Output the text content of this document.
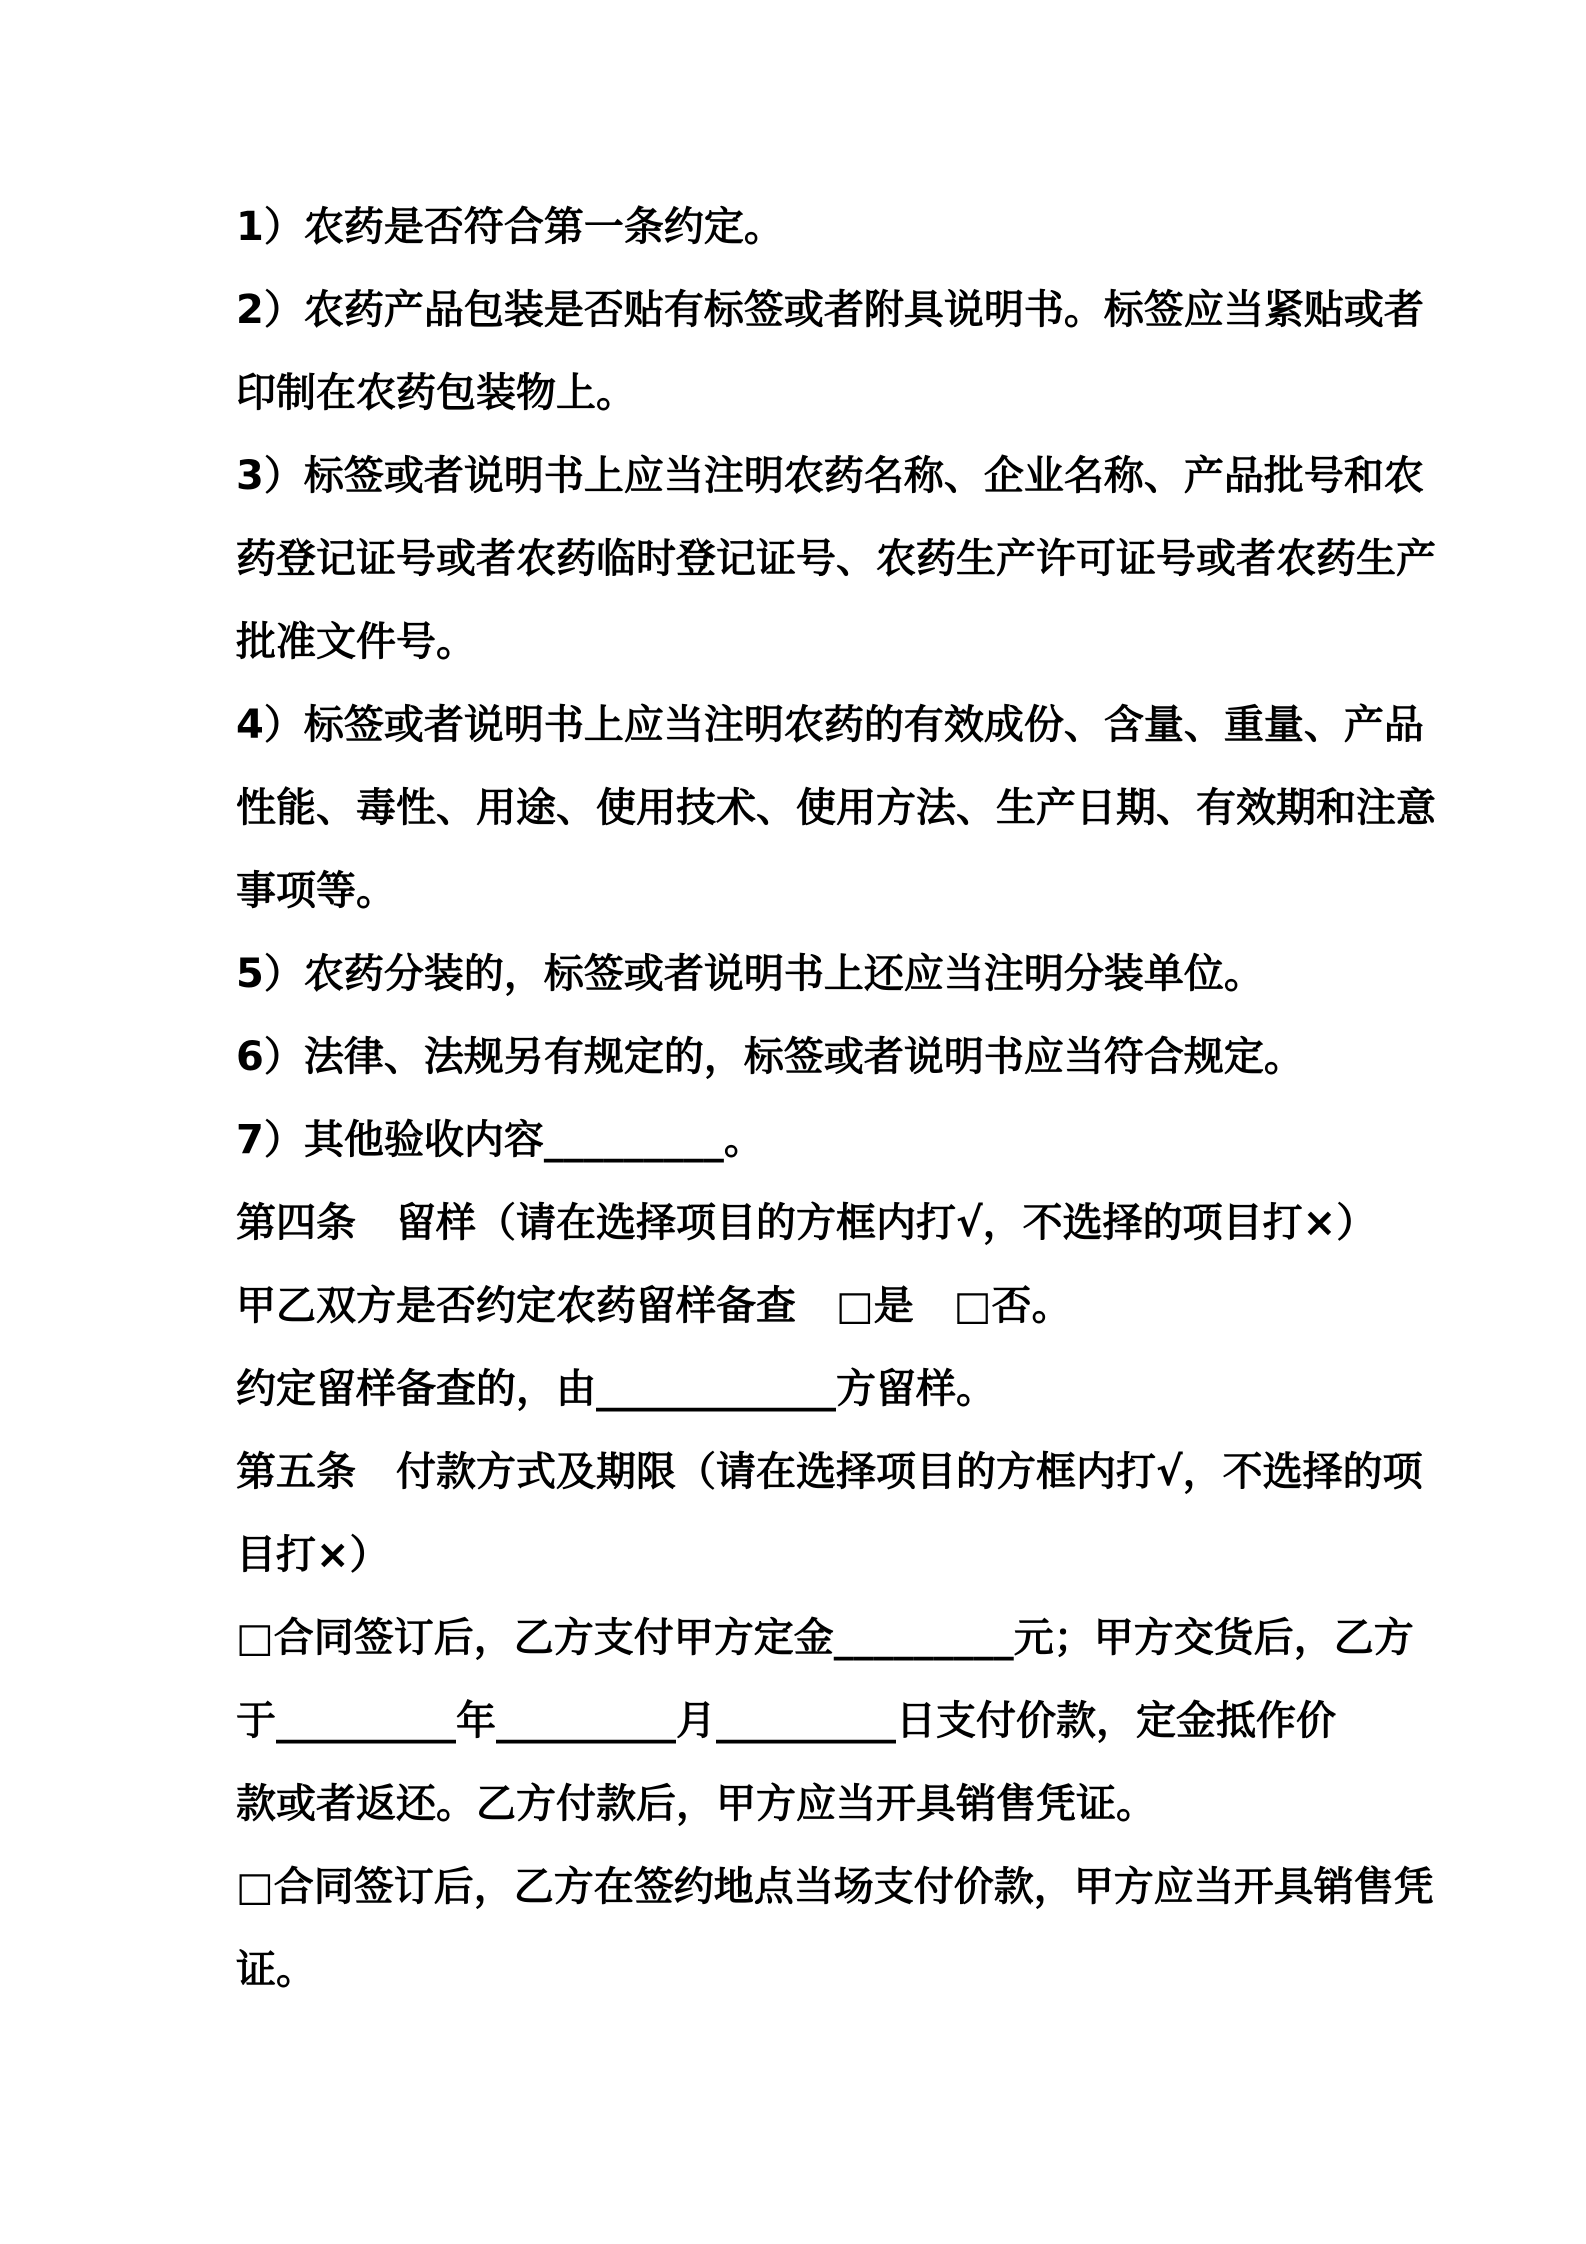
1）农药是否符合第一条约定。
2）农药产品包装是否贴有标签或者附具说明书。标签应当紧贴或者
印制在农药包装物上。
3）标签或者说明书上应当注明农药名称、企业名称、产品批号和农
药登记证号或者农药临时登记证号、农药生产许可证号或者农药生产
批准文件号。
4）标签或者说明书上应当注明农药的有效成份、含量、重量、产品
性能、毒性、用途、使用技术、使用方法、生产日期、有效期和注意
事项等。
5）农药分装的，标签或者说明书上还应当注明分装单位。
6）法律、法规另有规定的，标签或者说明书应当符合规定。
7）其他验收内容_________。
第四条　留样（请在选择项目的方框内打√，不选择的项目打×）
甲乙双方是否约定农药留样备查　□是　□否。
约定留样备查的，由____________方留样。
第五条　付款方式及期限（请在选择项目的方框内打√，不选择的项
目打×）
□合同签订后，乙方支付甲方定金_________元；甲方交货后，乙方
于_________年_________月_________日支付价款，定金抵作价
款或者返还。乙方付款后，甲方应当开具销售凭证。
□合同签订后，乙方在签约地点当场支付价款，甲方应当开具销售凭
证。
